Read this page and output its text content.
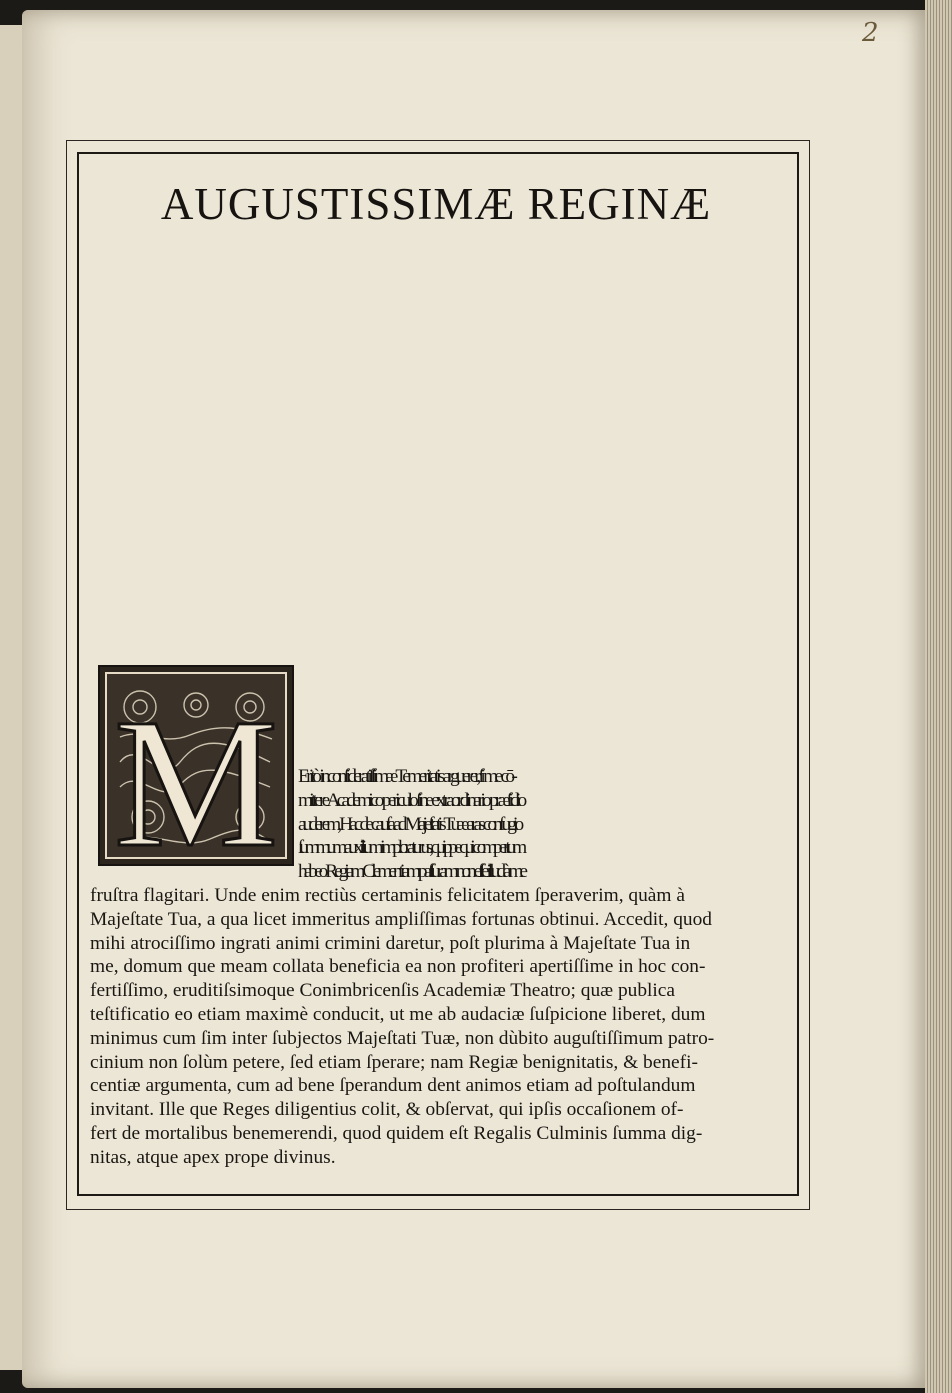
2
AUGUSTISSIMÆ REGINÆ
M	Eritò inconſideratiſſimæ Temeritatis arguerer, ſi me cō-
mittere Academico periculo ſine extraordinario præſidio
auderem, Hac de cauſa ad Majeſtatis Tuæ aras confugio
ſummum auxilium imploraturus, quippe qui compertum
habeo Regiam Clementiam paſſuram non eſſe illud à me
fruſtra flagitari. Unde enim rectiùs certaminis felicitatem ſperaverim, quàm à
Majeſtate Tua, a qua licet immeritus ampliſſimas fortunas obtinui. Accedit, quod
mihi atrociſſimo ingrati animi crimini daretur, poſt plurima à Majeſtate Tua in
me, domum que meam collata beneficia ea non profiteri apertiſſime in hoc con-
fertiſſimo, eruditiſsimoque Conimbricenſis Academiæ Theatro; quæ publica
teſtificatio eo etiam maximè conducit, ut me ab audaciæ ſuſpicione liberet, dum
minimus cum ſim inter ſubjectos Majeſtati Tuæ, non dùbito auguſtiſſimum patro-
cinium non ſolùm petere, ſed etiam ſperare; nam Regiæ benignitatis, & benefi-
centiæ argumenta, cum ad bene ſperandum dent animos etiam ad poſtulandum
invitant. Ille que Reges diligentius colit, & obſervat, qui ipſis occaſionem of-
fert de mortalibus benemerendi, quod quidem eſt Regalis Culminis ſumma dig-
nitas, atque apex prope divinus.
